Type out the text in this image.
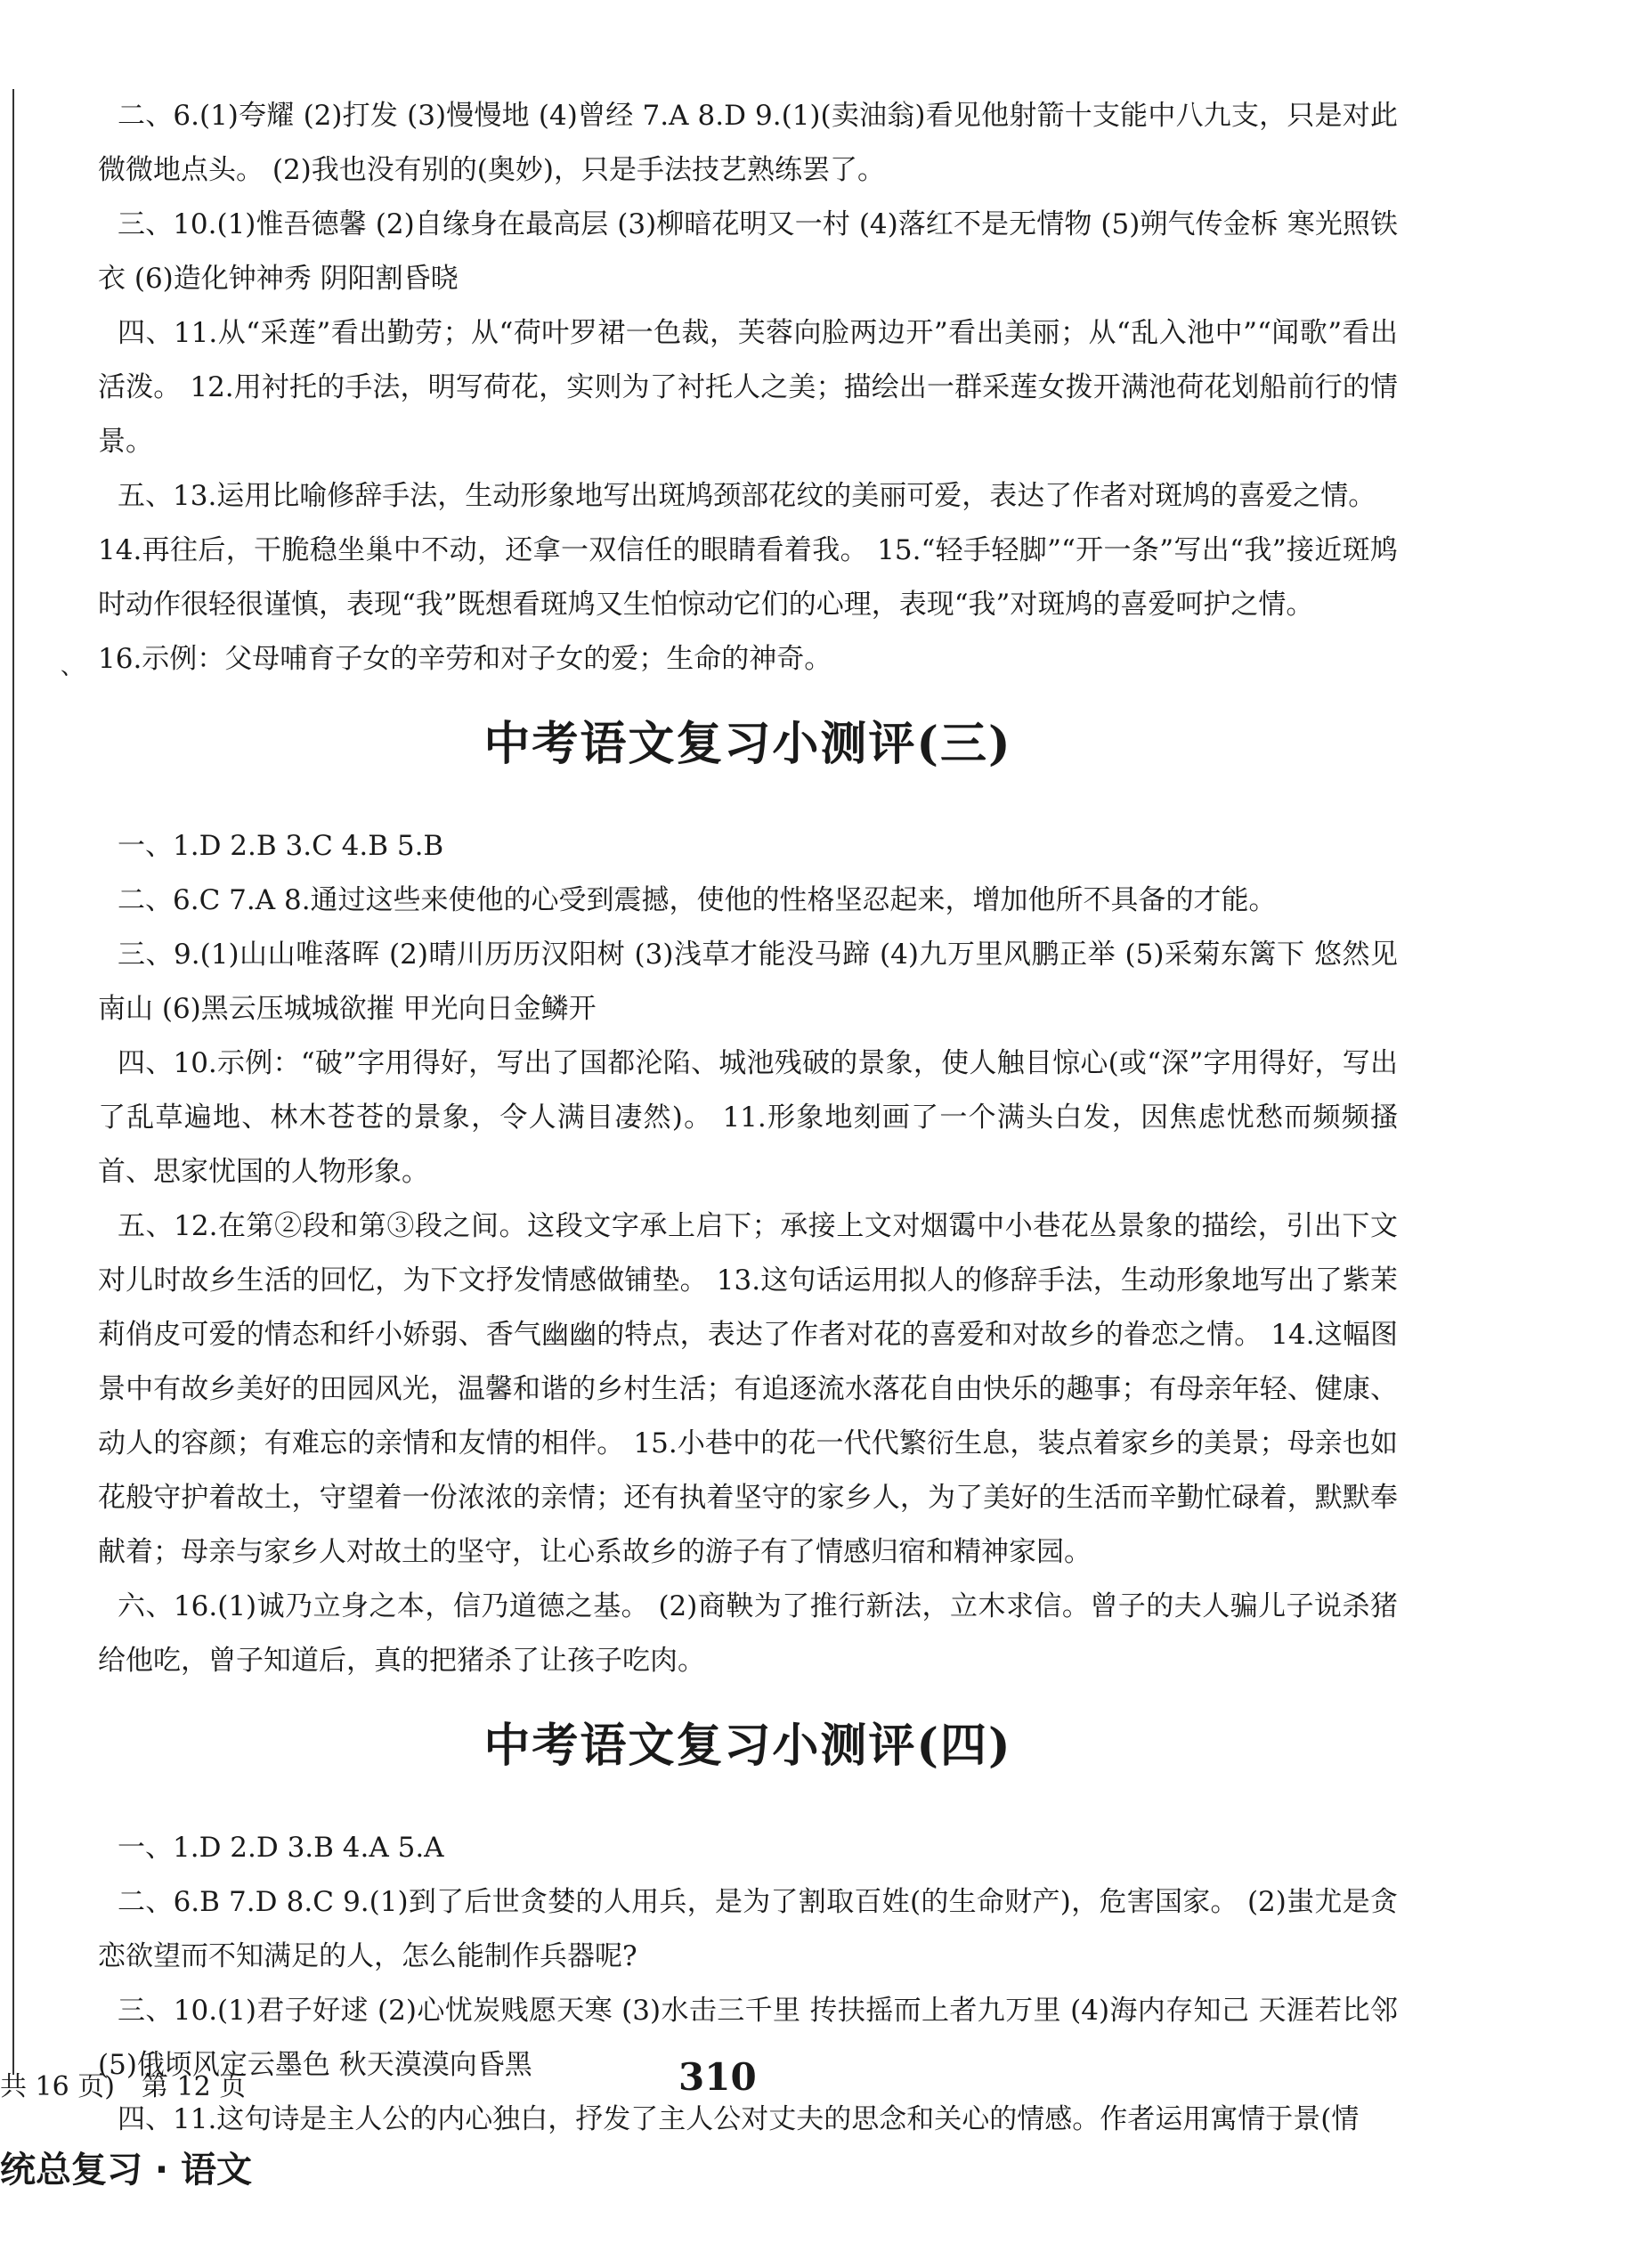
二、6.(1)夸耀 (2)打发 (3)慢慢地 (4)曾经 7.A 8.D 9.(1)(卖油翁)看见他射箭十支能中八九支，只是对此微微地点头。 (2)我也没有别的(奥妙)，只是手法技艺熟练罢了。

三、10.(1)惟吾德馨 (2)自缘身在最高层 (3)柳暗花明又一村 (4)落红不是无情物 (5)朔气传金柝 寒光照铁衣 (6)造化钟神秀 阴阳割昏晓

四、11.从“采莲”看出勤劳；从“荷叶罗裙一色裁，芙蓉向脸两边开”看出美丽；从“乱入池中”“闻歌”看出活泼。 12.用衬托的手法，明写荷花，实则为了衬托人之美；描绘出一群采莲女拨开满池荷花划船前行的情景。

五、13.运用比喻修辞手法，生动形象地写出斑鸠颈部花纹的美丽可爱，表达了作者对斑鸠的喜爱之情。

14.再往后，干脆稳坐巢中不动，还拿一双信任的眼睛看着我。 15.“轻手轻脚”“开一条”写出“我”接近斑鸠时动作很轻很谨慎，表现“我”既想看斑鸠又生怕惊动它们的心理，表现“我”对斑鸠的喜爱呵护之情。

16.示例：父母哺育子女的辛劳和对子女的爱；生命的神奇。

中考语文复习小测评(三)

一、1.D 2.B 3.C 4.B 5.B

二、6.C 7.A 8.通过这些来使他的心受到震撼，使他的性格坚忍起来，增加他所不具备的才能。

三、9.(1)山山唯落晖 (2)晴川历历汉阳树 (3)浅草才能没马蹄 (4)九万里风鹏正举 (5)采菊东篱下 悠然见南山 (6)黑云压城城欲摧 甲光向日金鳞开

四、10.示例：“破”字用得好，写出了国都沦陷、城池残破的景象，使人触目惊心(或“深”字用得好，写出了乱草遍地、林木苍苍的景象，令人满目凄然)。 11.形象地刻画了一个满头白发，因焦虑忧愁而频频搔首、思家忧国的人物形象。

五、12.在第②段和第③段之间。这段文字承上启下；承接上文对烟霭中小巷花丛景象的描绘，引出下文对儿时故乡生活的回忆，为下文抒发情感做铺垫。 13.这句话运用拟人的修辞手法，生动形象地写出了紫茉莉俏皮可爱的情态和纤小娇弱、香气幽幽的特点，表达了作者对花的喜爱和对故乡的眷恋之情。 14.这幅图景中有故乡美好的田园风光，温馨和谐的乡村生活；有追逐流水落花自由快乐的趣事；有母亲年轻、健康、动人的容颜；有难忘的亲情和友情的相伴。 15.小巷中的花一代代繁衍生息，装点着家乡的美景；母亲也如花般守护着故土，守望着一份浓浓的亲情；还有执着坚守的家乡人，为了美好的生活而辛勤忙碌着，默默奉献着；母亲与家乡人对故土的坚守，让心系故乡的游子有了情感归宿和精神家园。

六、16.(1)诚乃立身之本，信乃道德之基。 (2)商鞅为了推行新法，立木求信。曾子的夫人骗儿子说杀猪给他吃，曾子知道后，真的把猪杀了让孩子吃肉。

中考语文复习小测评(四)

一、1.D 2.D 3.B 4.A 5.A

二、6.B 7.D 8.C 9.(1)到了后世贪婪的人用兵，是为了割取百姓(的生命财产)，危害国家。 (2)蚩尤是贪恋欲望而不知满足的人，怎么能制作兵器呢?

三、10.(1)君子好逑 (2)心忧炭贱愿天寒 (3)水击三千里 抟扶摇而上者九万里 (4)海内存知己 天涯若比邻 (5)俄顷风定云墨色 秋天漠漠向昏黑

四、11.这句诗是主人公的内心独白，抒发了主人公对丈夫的思念和关心的情感。作者运用寓情于景(情

、
共 16 页)　第 12 页	310
统总复习 · 语文
